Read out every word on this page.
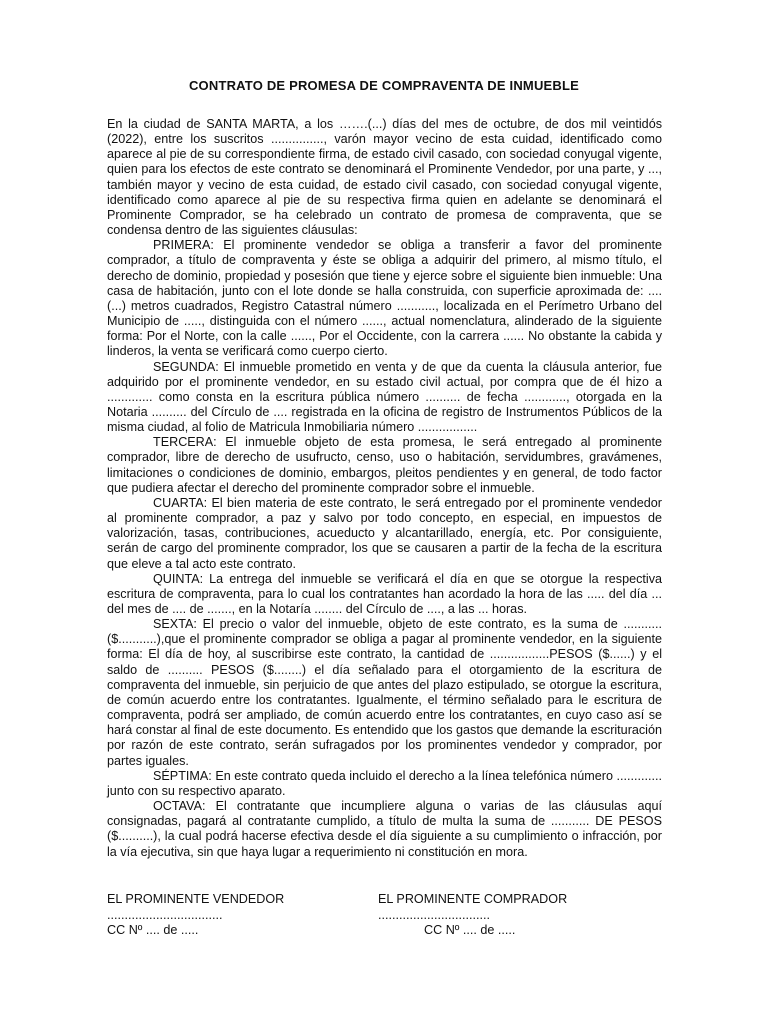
CONTRATO DE PROMESA DE COMPRAVENTA DE INMUEBLE

En la ciudad de SANTA MARTA, a los …….(...) días del mes de octubre, de dos mil veintidós (2022), entre los suscritos ..............., varón mayor vecino de esta cuidad, identificado como aparece al pie de su correspondiente firma, de estado civil casado, con sociedad conyugal vigente, quien para los efectos de este contrato se denominará el Prominente Vendedor, por una parte, y ..., también mayor y vecino de esta cuidad, de estado civil casado, con sociedad conyugal vigente, identificado como aparece al pie de su respectiva firma quien en adelante se denominará el Prominente Comprador, se ha celebrado un contrato de promesa de compraventa, que se condensa dentro de las siguientes cláusulas:

PRIMERA: El prominente vendedor se obliga a transferir a favor del prominente comprador, a título de compraventa y éste se obliga a adquirir del primero, al mismo título, el derecho de dominio, propiedad y posesión que tiene y ejerce sobre el siguiente bien inmueble: Una casa de habitación, junto con el lote donde se halla construida, con superficie aproximada de: ....(...) metros cuadrados, Registro Catastral número ..........., localizada en el Perímetro Urbano del Municipio de ....., distinguida con el número ......, actual nomenclatura, alinderado de la siguiente forma: Por el Norte, con la calle ......, Por el Occidente, con la carrera ...... No obstante la cabida y linderos, la venta se verificará como cuerpo cierto.

SEGUNDA: El inmueble prometido en venta y de que da cuenta la cláusula anterior, fue adquirido por el prominente vendedor, en su estado civil actual, por compra que de él hizo a ............. como consta en la escritura pública número .......... de fecha ............, otorgada en la Notaria .......... del Círculo de .... registrada en la oficina de registro de Instrumentos Públicos de la misma ciudad, al folio de Matricula Inmobiliaria número .................

TERCERA: El inmueble objeto de esta promesa, le será entregado al prominente comprador, libre de derecho de usufructo, censo, uso o habitación, servidumbres, gravámenes, limitaciones o condiciones de dominio, embargos, pleitos pendientes y en general, de todo factor que pudiera afectar el derecho del prominente comprador sobre el inmueble.

CUARTA: El bien materia de este contrato, le será entregado por el prominente vendedor al prominente comprador, a paz y salvo por todo concepto, en especial, en impuestos de valorización, tasas, contribuciones, acueducto y alcantarillado, energía, etc. Por consiguiente, serán de cargo del prominente comprador, los que se causaren a partir de la fecha de la escritura que eleve a tal acto este contrato.

QUINTA: La entrega del inmueble se verificará el día en que se otorgue la respectiva escritura de compraventa, para lo cual los contratantes han acordado la hora de las ..... del día ... del mes de .... de ......., en la Notaría ........ del Círculo de ...., a las ... horas.

SEXTA: El precio o valor del inmueble, objeto de este contrato, es la suma de ........... ($...........),que el prominente comprador se obliga a pagar al prominente vendedor, en la siguiente forma: El día de hoy, al suscribirse este contrato, la cantidad de .................PESOS ($......) y el saldo de .......... PESOS ($........) el día señalado para el otorgamiento de la escritura de compraventa del inmueble, sin perjuicio de que antes del plazo estipulado, se otorgue la escritura, de común acuerdo entre los contratantes. Igualmente, el término señalado para le escritura de compraventa, podrá ser ampliado, de común acuerdo entre los contratantes, en cuyo caso así se hará constar al final de este documento. Es entendido que los gastos que demande la escrituración por razón de este contrato, serán sufragados por los prominentes vendedor y comprador, por partes iguales.

SÉPTIMA: En este contrato queda incluido el derecho a la línea telefónica número ............. junto con su respectivo aparato.

OCTAVA: El contratante que incumpliere alguna o varias de las cláusulas aquí consignadas, pagará al contratante cumplido, a título de multa la suma de ........... DE PESOS ($..........), la cual podrá hacerse efectiva desde el día siguiente a su cumplimiento o infracción, por la vía ejecutiva, sin que haya lugar a requerimiento ni constitución en mora.

EL PROMINENTE VENDEDOR
.................................
CC Nº .... de .....
EL PROMINENTE COMPRADOR
................................
CC Nº .... de .....
